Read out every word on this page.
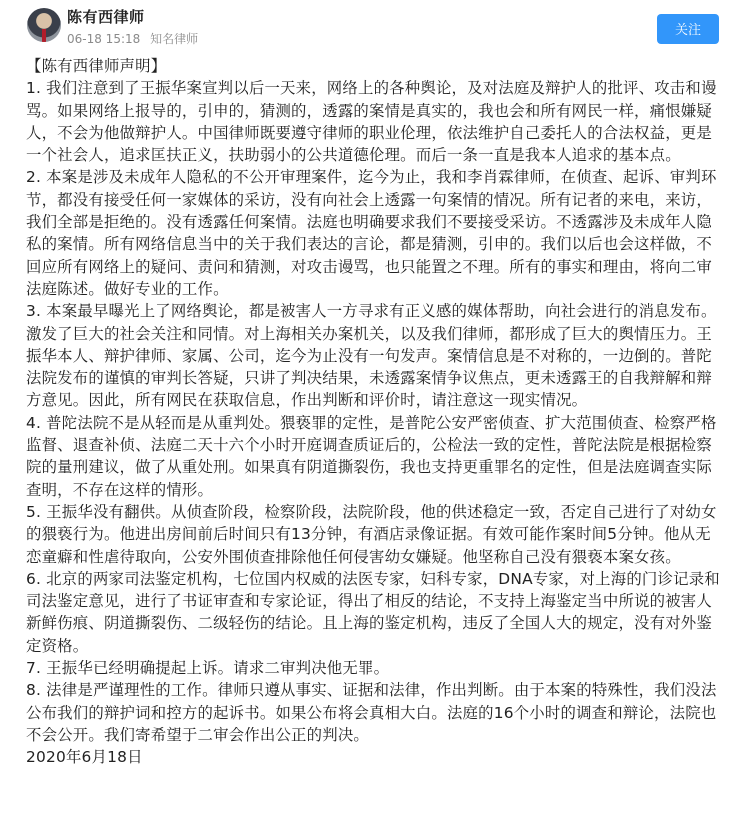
陈有西律师
06-18 15:18 知名律师
关注

【陈有西律师声明】

1. 我们注意到了王振华案宣判以后一天来，网络上的各种舆论，及对法庭及辩护人的批评、攻击和谩骂。如果网络上报导的，引申的，猜测的，透露的案情是真实的，我也会和所有网民一样，痛恨嫌疑人，不会为他做辩护人。中国律师既要遵守律师的职业伦理，依法维护自己委托人的合法权益，更是一个社会人，追求匡扶正义，扶助弱小的公共道德伦理。而后一条一直是我本人追求的基本点。

2. 本案是涉及未成年人隐私的不公开审理案件，迄今为止，我和李肖霖律师，在侦查、起诉、审判环节，都没有接受任何一家媒体的采访，没有向社会上透露一句案情的情况。所有记者的来电，来访，我们全部是拒绝的。没有透露任何案情。法庭也明确要求我们不要接受采访。不透露涉及未成年人隐私的案情。所有网络信息当中的关于我们表达的言论，都是猜测，引申的。我们以后也会这样做，不回应所有网络上的疑问、责问和猜测，对攻击谩骂，也只能置之不理。所有的事实和理由，将向二审法庭陈述。做好专业的工作。

3. 本案最早曝光上了网络舆论，都是被害人一方寻求有正义感的媒体帮助，向社会进行的消息发布。激发了巨大的社会关注和同情。对上海相关办案机关，以及我们律师，都形成了巨大的舆情压力。王振华本人、辩护律师、家属、公司，迄今为止没有一句发声。案情信息是不对称的，一边倒的。普陀法院发布的谨慎的审判长答疑，只讲了判决结果，未透露案情争议焦点，更未透露王的自我辩解和辩方意见。因此，所有网民在获取信息，作出判断和评价时，请注意这一现实情况。

4. 普陀法院不是从轻而是从重判处。猥亵罪的定性，是普陀公安严密侦查、扩大范围侦查、检察严格监督、退查补侦、法庭二天十六个小时开庭调查质证后的，公检法一致的定性，普陀法院是根据检察院的量刑建议，做了从重处刑。如果真有阴道撕裂伤，我也支持更重罪名的定性，但是法庭调查实际查明，不存在这样的情形。

5. 王振华没有翻供。从侦查阶段，检察阶段，法院阶段，他的供述稳定一致，否定自己进行了对幼女的猥亵行为。他进出房间前后时间只有13分钟，有酒店录像证据。有效可能作案时间5分钟。他从无恋童癖和性虐待取向，公安外围侦查排除他任何侵害幼女嫌疑。他坚称自己没有猥亵本案女孩。

6. 北京的两家司法鉴定机构，七位国内权威的法医专家，妇科专家，DNA专家，对上海的门诊记录和司法鉴定意见，进行了书证审查和专家论证，得出了相反的结论，不支持上海鉴定当中所说的被害人新鲜伤痕、阴道撕裂伤、二级轻伤的结论。且上海的鉴定机构，违反了全国人大的规定，没有对外鉴定资格。

7. 王振华已经明确提起上诉。请求二审判决他无罪。

8. 法律是严谨理性的工作。律师只遵从事实、证据和法律，作出判断。由于本案的特殊性，我们没法公布我们的辩护词和控方的起诉书。如果公布将会真相大白。法庭的16个小时的调查和辩论，法院也不会公开。我们寄希望于二审会作出公正的判决。

2020年6月18日
